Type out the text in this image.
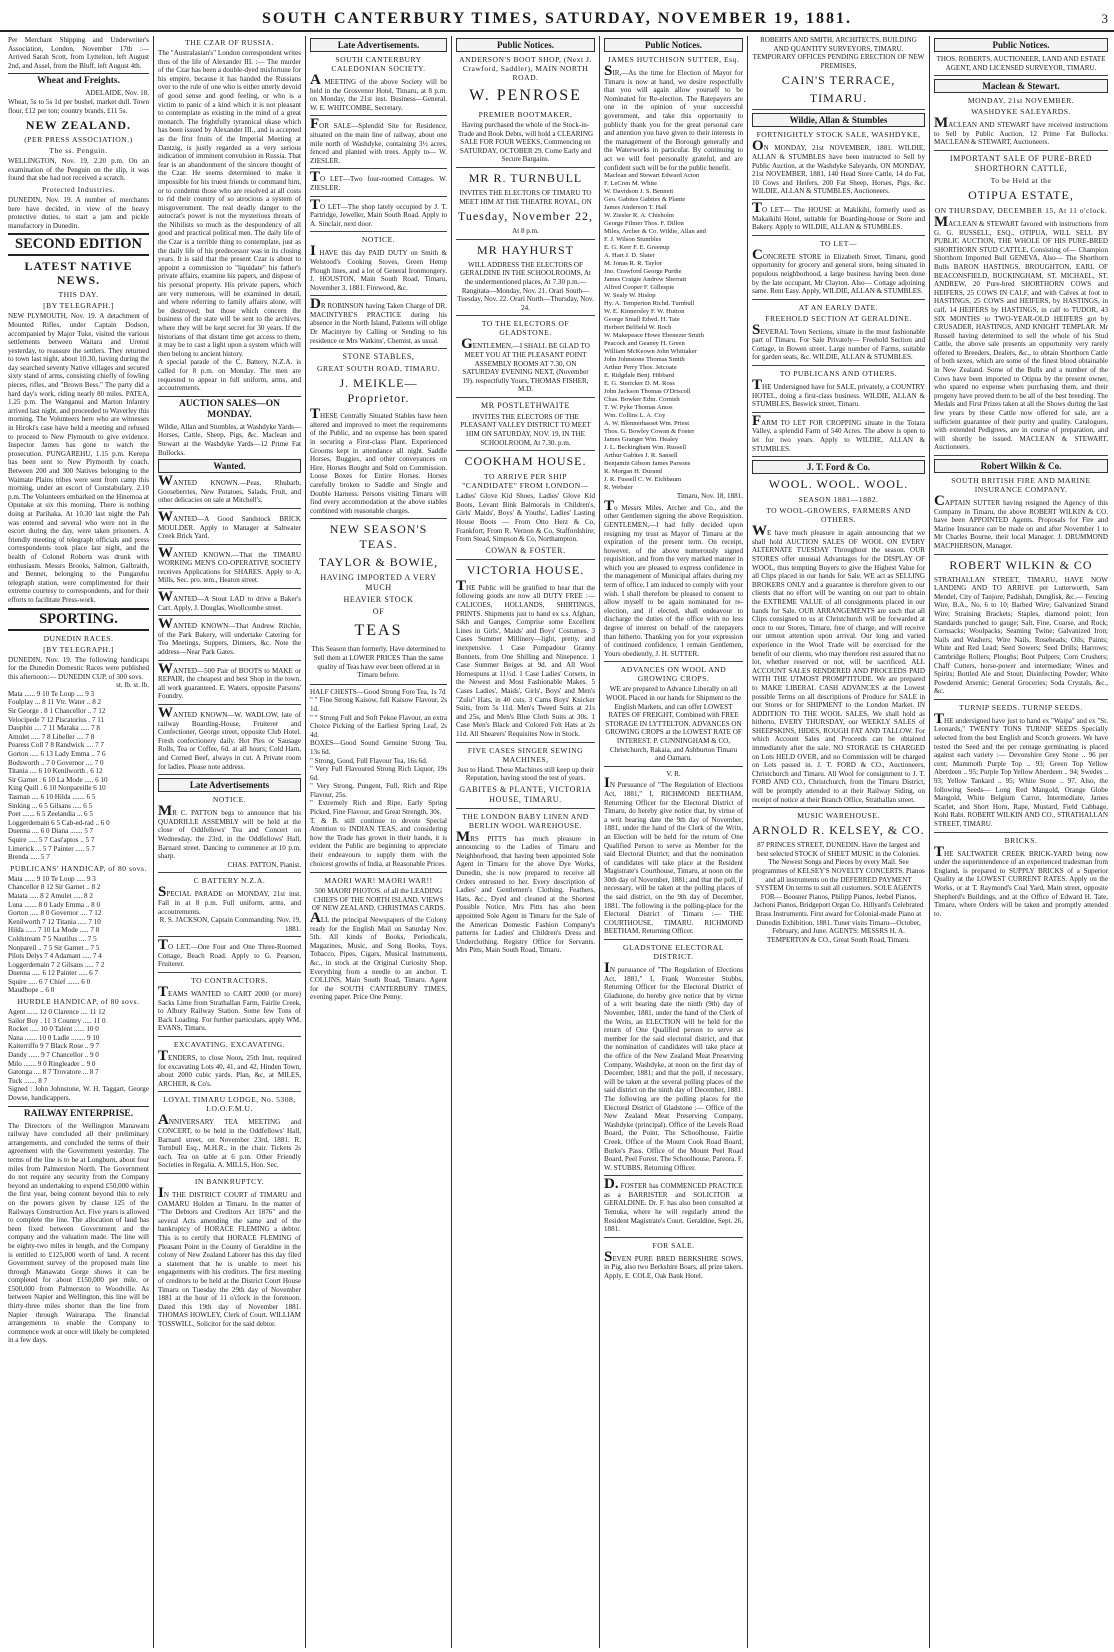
SOUTH CANTERBURY TIMES, SATURDAY, NOVEMBER 19, 1881.	3

Per Merchant Shipping and Underwriter's Association, London, November 17th :— Arrived Sarah Scott, from Lyttelton, left August 2nd, and Assel, from the Bluff, left August 4th.

Wheat and Freights.
ADELAIDE, Nov. 18.

Wheat, 5s to 5s 1d per bushel, market dull. Town flour, £12 per ton; country brands, £11 5s.

NEW ZEALAND.
(PER PRESS ASSOCIATION.)
The ss. Penguin.

WELLINGTON, Nov. 19, 2.20 p.m. On an examination of the Penguin on the slip, it was found that she had not received a scratch.

Protected Industries.

DUNEDIN, Nov. 19. A number of merchants here have decided, in view of the heavy protective duties, to start a jam and pickle manufactory in Dunedin.

SECOND EDITION
LATEST NATIVE NEWS.
THIS DAY.
[BY TELEGRAPH.]

NEW PLYMOUTH, Nov. 19. A detachment of Mounted Rifles, under Captain Dodson, accompanied by Major Tuke, visited the various settlements between Waitara and Urenui yesterday, to reassure the settlers. They returned to town last night, about 10.30, having during the day searched seventy Native villages and secured sixty stand of arms, consisting chiefly of fowling pieces, rifles, and "Brown Bess." The party did a hard day's work, riding nearly 80 miles. PATEA, 1.25 p.m. The Wanganui and Marton Infantry arrived last night, and proceeded to Waverley this morning. The Volunteers here who are witnesses in Hiroki's case have held a meeting and refused to proceed to New Plymouth to give evidence. Inspector James has gone to watch the prosecution. PUNGAREHU, 1.15 p.m. Kerepa has been sent to New Plymouth by coach. Between 200 and 300 Natives belonging to the Waimate Plains tribes were sent from camp this morning, under an escort of Constabulary. 2.10 p.m. The Volunteers embarked on the Hinemoa at Opunake at six this morning. There is nothing doing at Parihaka. At 10.30 last night the Pah was entered and several who were not in the escort during the day, were taken prisoners. A friendly meeting of telegraph officials and press correspondents took place last night, and the health of Colonel Roberts was drunk with enthusiasm. Messrs Brooks, Salmon, Galbraith, and Bennet, belonging to the Pungarehu telegraph station, were complimented for their extreme courtesy to correspondents, and for their efforts to facilitate Press-work.

SPORTING.
DUNEDIN RACES.
[BY TELEGRAPH.]

DUNEDIN, Nov. 19. The following handicaps for the Dunedin Domestic Races were published this afternoon:— DUNEDIN CUP, of 300 sovs.

st. lb. st. lb.
Mata ...... 9 10 Te Loup .... 9 3
Foulplay ... 8 11 Vtr. Water .. 8 2
Sir George . 8 1 Chancellor .. 7 12
Velocipede 7 12 Piscatorius . 7 11
Dauphin .... 7 11 Maraka ..... 7 8
Amulet ..... 7 8 Libeller .... 7 8
Pearess Coll 7 8 Randwick .... 7 7
Gorton ..... 6 13 Lady Emma .. 7 6
Bodsworth .. 7 0 Governor .... 7 0
Titania .... 6 10 Kenilworth . 6 12
Sir Garnet . 6 10 La Mode ..... 6 10
King Quill . 6 10 Nonpareille 6 10
Tasman .... 6 10 Hilda ....... 6 5
Sinking ... 6 5 Gilsans ..... 6 5
Poet ....... 6 5 Zeelandia ... 6 5
Loggerdemain 6 5 Cab-ed-rad .. 6 0
Duenna .... 6 0 Diana ....... 5 7
Squire ..... 5 7 Cast'aptos .. 5 7
Limerick ... 5 7 Painter ..... 5 7
Brenda ..... 5 7
PUBLICANS' HANDICAP, of 80 sovs.
Mata ...... 9 10 Te Loup ..... 9 3
Chancellor 8 12 Sir Garnet .. 8 2
Matata ..... 8 2 Amulet ..... 8 2
Luna ....... 8 0 Lady Emma .. 8 0
Gorton ..... 8 0 Governor .... 7 12
Kenilworth 7 12 Titania ..... 7 10
Hilda ...... 7 10 La Mode ..... 7 8
Coldstream 7 5 Nautilus .... 7 5
Nonpareil .. 7 5 Sir Garnet .. 7 5
Pilots Delys 7 4 Adamant ..... 7 4
Loggerdemain 7 2 Gilsans ..... 7 2
Duenna ..... 6 12 Painter ..... 6 7
Squire ..... 6 7 Chief ....... 6 0
Maudhope .. 6 0
HURDLE HANDICAP, of 80 sovs.
Agent ...... 12 0 Clarence .... 11 12
Sailor Boy . 11 3 Country ..... 11 0
Rocket ..... 10 0 Talent ...... 10 0
Nana ....... 10 0 Ladle ........ 9 10
Kaiterriffo 9 7 Black Rose .. 9 7
Dandy ...... 9 7 Chancellor .. 9 0
Milo ....... 9 0 Ringleader .. 9 0
Gatonga .... 8 7 Trovatore ... 8 7
Tuck ....... 8 7

Signed : John Johnstone, W. H. Taggart, George Dowse, handicappers.

RAILWAY ENTERPRISE.

The Directors of the Wellington Manawatu railway have concluded all their preliminary arrangements, and concluded the terms of their agreement with the Government yesterday. The terms of the line is to be at Longburn, about four miles from Palmerston North. The Government do not require any security from the Company beyond an undertaking to expend £50,000 within the first year, being content beyond this to rely on the powers given by clause 125 of the Railways Construction Act. Five years is allowed to complete the line. The allocation of land has been fixed between Government and the company and the valuation made. The line will be eighty-two miles in length, and the Company is entitled to £125,000 worth of land. A recent Government survey of the proposed main line through Manawatu Gorge shows it can be completed for about £150,000 per mile, or £500,000 from Palmerston to Woodville. As between Napier and Wellington, this line will be thirty-three miles shorter than the line from Napier through Wairarapa. The financial arrangements to enable the Company to commence work at once will likely be completed in a few days.

THE CZAR OF RUSSIA.

The "Australasian's" London correspondent writes thus of the life of Alexander III. :— The murder of the Czar has been a double-dyed misfortune for his empire, because it has handed the Russians over to the rule of one who is either utterly devoid of good sense and good feeling, or who is a victim to panic of a kind which it is not pleasant to contemplate as existing in the mind of a great monarch. The frightfully tyrannical ukase which has been issued by Alexander III., and is accepted as the first fruits of the Imperial Meeting at Dantzig, is justly regarded as a very serious indication of imminent convulsion in Russia. That fear is an abandonment of the sincere thought of the Czar. He seems determined to make it impossible for his truest friends to command him, or to condemn those who are resolved at all costs to rid their country of so atrocious a system of misgovernment. The real deadly danger to the autocrat's power is not the mysterious threats of the Nihilists so much as the despondency of all good and practical political men. The daily life of the Czar is a terrible thing to contemplate, just as the daily life of his predecessor was in its closing years. It is said that the present Czar is about to appoint a commission to "liquidate" his father's private affairs, examine his papers, and dispose of his personal property. His private papers, which are very numerous, will be examined in detail, and where referring to family affairs alone, will be destroyed; but those which concern the business of the state will be sent to the archives, where they will be kept secret for 30 years. If the historians of that distant time get access to them, it may be to cast a light upon a system which will then belong to ancient history.

A special parade of the C. Battery, N.Z.A. is called for 8 p.m. on Monday. The men are requested to appear in full uniform, arms, and accoutrements.

AUCTION SALES—ON MONDAY.

Wildie, Allan and Stumbles, at Washdyke Yards—Horses, Cattle, Sheep, Pigs, &c. Maclean and Stewart at the Washdyke Yards—12 Prime Fat Bullocks.

Wanted.
WANTED KNOWN.—Peas, Rhubarb, Gooseberries, New Potatoes, Salads, Fruit, and other delicacies on sale at Mitchell's.
WANTED—A Good Sandstock BRICK MOULDER. Apply to Manager at Saltwater Creek Brick Yard.
WANTED KNOWN.—That the TIMARU WORKING MEN'S CO-OPERATIVE SOCIETY receives Applications for SHARES. Apply to A. Mills, Sec. pro. tem., Heaton street.
WANTED—A Stout LAD to drive a Baker's Cart. Apply, J. Douglas, Woollcombe street.
WANTED KNOWN—That Andrew Ritchie, of the Park Bakery, will undertake Catering for Tea Meetings, Suppers, Dinners, &c. Note the address—Near Park Gates.
WANTED—500 Pair of BOOTS to MAKE or REPAIR, the cheapest and best Shop in the town, all work guaranteed. E. Waters, opposite Parsons' Foundry.
WANTED KNOWN—W. WADLOW, late of railway Boarding-House, Fruiterer and Confectioner, George street, opposite Club Hotel. Fresh confectionery daily. Hot Pies or Sausage Rolls, Tea or Coffee, 6d. at all hours; Cold Ham, and Corned Beef, always in cut. A Private room for ladies. Please note address.
Late Advertisements
NOTICE.

MR C. PATTON begs to announce that his QUADRILLE ASSEMBLY will be held at the close of Oddfellows' Tea and Concert on Wednesday, the 23rd, in the Oddfellows' Hall, Barnard street. Dancing to commence at 10 p.m. sharp.

CHAS. PATTON, Pianist.
C BATTERY N.Z.A.

SPECIAL PARADE on MONDAY, 21st inst. Fall in at 8 p.m. Full uniform, arms, and accoutrements.

R. S. JACKSON, Captain Commanding. Nov. 19, 1881.

TO LET.—One Four and One Three-Roomed Cottage, Beach Road. Apply to G. Pearson, Fruiterer.

TO CONTRACTORS.

TEAMS WANTED to CART 2000 (or more) Sacks Lime from Strathallan Farm, Fairlie Creek, to Albury Railway Station. Some few Tons of Back Loading. For further particulars, apply WM. EVANS, Timaru.

EXCAVATING. EXCAVATING.

TENDERS, to close Noon, 25th Inst, required for excavating Lots 40, 41, and 42, Hinden Town, about 2000 cubic yards. Plan, &c, at MILES, ARCHER, & Co's.

LOYAL TIMARU LODGE, No. 5308, I.O.O.F.M.U.

ANNIVERSARY TEA MEETING and CONCERT, to be held in the Oddfellows' Hall, Barnard street, on November 23rd, 1881. R. Turnbull Esq., M.H.R., in the chair. Tickets 2s each. Tea on table at 6 p.m. Other Friendly Societies in Regalia. A. MILLS, Hon. Sec.

IN BANKRUPTCY.

IN THE DISTRICT COURT of TIMARU and OAMARU Holden at Timaru. In the matter of "The Debtors and Creditors Act 1876" and the several Acts amending the same and of the bankruptcy of HORACE FLEMING a debtor. This is to certify that HORACE FLEMING of Pleasant Point in the County of Geraldine in the colony of New Zealand Laborer has this day filed a statement that he is unable to meet his engagements with his creditors. The first meeting of creditors to be held at the District Court House Timaru on Tuesday the 29th day of November 1881 at the hour of 11 o'clock in the forenoon. Dated this 19th day of November 1881. THOMAS HOWLEY, Clerk of Court. WILLIAM TOSSWILL, Solicitor for the said debtor.

Late Advertisements.
SOUTH CANTERBURY CALEDONIAN SOCIETY.

A MEETING of the above Society will be held in the Grosvenor Hotel, Timaru, at 8 p.m. on Monday, the 21st inst. Business—General. W. E. WHITCOMBE, Secretary.

FOR SALE—Splendid Site for Residence, situated on the main line of railway, about one mile north of Washdyke, containing 3½ acres, fenced and planted with trees. Apply to— W. ZIESLER.

TO LET—Two four-roomed Cottages. W. ZIESLER.

TO LET—The shop lately occupied by J. T. Partridge, Jeweller, Main South Road. Apply to A. Sinclair, next door.

NOTICE.

I HAVE this day PAID DUTY on Smith & Welstood's Cooking Stoves, Green Hemp Plough lines, and a lot of General Ironmongery. J. HOUSTON, Main South Road, Timaru, November 3, 1881. Firewood, &c.

DR ROBINSON having Taken Charge of DR. MACINTYRE'S PRACTICE during his absence in the North Island, Patients will oblige Dr Macintyre by Calling or Sending to his residence or Mrs Watkins', Chemist, as usual.

STONE STABLES,
GREAT SOUTH ROAD, TIMARU.
J. MEIKLE—Proprietor.

THESE Centrally Situated Stables have been altered and improved to meet the requirements of the Public, and no expense has been spared in securing a First-class Plant. Experienced Grooms kept in attendance all night. Saddle Horses, Buggies, and other conveyances on Hire. Horses Bought and Sold on Commission. Loose Boxes for Entire Horses. Horses carefully broken to Saddle and Single and Double Harness. Persons visiting Timaru will find every accommodation at the above stables combined with reasonable charges.

NEW SEASON'S TEAS.
TAYLOR & BOWIE,
HAVING IMPORTED A VERY MUCH
HEAVIER STOCK
OF
TEAS

This Season than formerly, Have determined to Sell them at LOWER PRICES Than the same quality of Teas have ever been offered at in Timaru before.

HALF CHESTS—Good Strong Fore Tea, 1s 7d
" " Fine Strong Kaisow, full Kaisow Flavour, 2s 1d.
" " Strong Full and Soft Pekoe Flavour, an extra Choice Picking of the Earliest Spring Leaf, 2s 4d.
BOXES—Good Sound Genuine Strong Tea, 13s 6d.
" Strong, Good, Full Flavour Tea, 16s 6d.
" Very Full Flavoured Strong Rich Liquor, 19s 6d.
" Very Strong, Pungent, Full, Rich and Ripe Flavour, 25s.
" Extremely Rich and Ripe, Early Spring Picked, Fine Flavour, and Great Strength, 30s.

T. & B. still continue to devote Special Attention to INDIAN TEAS, and considering how the Trade has grown in their hands, it is evident the Public are beginning to appreciate their endeavours to supply them with the choicest growths of India, at Reasonable Prices.

MAORI WAR! MAORI WAR!!

500 MAORI PHOTOS. of all the LEADING CHIEFS OF THE NORTH ISLAND. VIEWS OF NEW ZEALAND. CHRISTMAS CARDS.

ALL the principal Newspapers of the Colony ready for the English Mail on Saturday Nov. 5th. All kinds of Books, Periodicals, Magazines, Music, and Song Books, Toys, Tobacco, Pipes, Cigars, Musical Instruments, &c., in stock at the Original Curiosity Shop. Everything from a needle to an anchor. T. COLLINS, Main South Road, Timaru. Agent for the SOUTH CANTERBURY TIMES, evening paper. Price One Penny.

Public Notices.
ANDERSON'S BOOT SHOP, (Next J. Crawford, Saddler), MAIN NORTH ROAD.
W. PENROSE
PREMIER BOOTMAKER,

Having purchased the whole of the Stock-in-Trade and Book Debts, will hold a CLEARING SALE FOR FOUR WEEKS, Commencing on SATURDAY, OCTOBER 29. Come Early and Secure Bargains.

MR R. TURNBULL

INVITES THE ELECTORS OF TIMARU TO MEET HIM AT THE THEATRE ROYAL, ON

Tuesday, November 22,
At 8 p.m.
MR HAYHURST

WILL ADDRESS THE ELECTORS OF GERALDINE IN THE SCHOOLROOMS, At the undermentioned places, At 7.30 p.m.— Rangitata—Monday, Nov. 21. Orari South—Tuesday, Nov. 22. Orari North—Thursday, Nov. 24.

TO THE ELECTORS OF GLADSTONE.

GENTLEMEN,—I SHALL BE GLAD TO MEET YOU AT THE PLEASANT POINT ASSEMBLY ROOMS AT 7.30, ON SATURDAY EVENING NEXT, (November 19). respectfully Yours, THOMAS FISHER, M.D.

MR POSTLETHWAITE

INVITES THE ELECTORS OF THE PLEASANT VALLEY DISTRICT TO MEET HIM ON SATURDAY, NOV. 19, IN THE SCHOOLROOM, At 7.30. p.m.

COOKHAM HOUSE.
TO ARRIVE PER SHIP "CANDIDATE" FROM LONDON—

Ladies' Glove Kid Shoes, Ladies' Glove Kid Boots, Levant Bink Balmorals in Children's, Girls' Maids', Boys' & Youths', Ladies' Lasting House Boots — From Otto Herz & Co, Frankfort; From R. Vernon & Co, Staffordshire; From Stead, Simpson & Co, Northampton.

COWAN & FOSTER.
VICTORIA HOUSE.

THE Public will be gratified to hear that the following goods are now all DUTY FREE :— CALICOES, HOLLANDS, SHIRTINGS, PRINTS. Shipments just to hand ex s.s. Afghan, Sikh and Ganges, Comprise some Excellent Lines in Girls', Maids' and Boys' Costumes. 3 Cases Summer Millinery—light, pretty, and inexpensive. 1 Case Pompadour Granny Bonnets, from One Shilling and Ninepence. 1 Case Summer Beiges at 9d. and All Wool Homespuns at 11½d. 1 Case Ladies' Corsets, in the Newest and Most Fashionable Makes. 5 Cases Ladies', Maids', Girls', Boys' and Men's "Zulu" Hats, in 40 cuts. 3 Cams Boys' Knicker Suits, from 5s 11d. Men's Tweed Suits at 21s and 25s, and Men's Blue Cloth Suits at 30s. 1 Case Men's Black and Colored Felt Hats at 2s 11d. All Shearers' Requisites Now in Stock.

FIVE CASES SINGER SEWING MACHINES,

Just to Hand. These Machines still keep up their Reputation, having stood the test of years.

GABITES & PLANTE, VICTORIA HOUSE, TIMARU.
THE LONDON BABY LINEN AND BERLIN WOOL WAREHOUSE.

MRS PITTS has much pleasure in announcing to the Ladies of Timaru and Neighborhood, that having been appointed Sole Agent in Timaru for the above Dye Works, Dunedin, she is now prepared to receive all Orders entrusted to her. Every description of Ladies' and Gentlemen's Clothing, Feathers, Hats, &c., Dyed and cleaned at the Shortest Possible Notice. Mrs Pitts has also been appointed Sole Agent in Timaru for the Sale of the American Domestic Fashion Company's patterns for Ladies' and Children's Dress and Underclothing. Registry Office for Servants. Mrs Pitts, Main South Road, Timaru.

Public Notices.
JAMES HUTCHISON SUTTER, Esq.

SIR,—As the time for Election of Mayor for Timaru is now at hand, we desire respectfully that you will again allow yourself to be Nominated for Re-election. The Ratepayers are one in the opinion of your successful government, and take this opportunity to publicly thank you for the great personal care and attention you have given to their interests in the management of the Borough generally and the Waterworks in particular. By continuing to act we will feel personally grateful, and are confident such will be for the public benefit.

Maclean and Stewart Edward Acton
F. LeCren M. White
W. Davidson J. S. Bennett
Geo. Gabites Gabites & Plante
James Anderson T. Hall
W. Ziesler R. A. Chisholm
George Filmer Thos. F. Dillon
Miles, Archer & Co. Wildie, Allan and
F. J. Wilson Stumbles
E. G. Kerr F. E. Greenup
A. Hart J. D. Slater
M. Jonas R. R. Taylor
Jno. Crawford George Purdie
James Craigie Andrew Sherratt
Alfred Cooper F. Gillespie
W. Sealy W. Hislop
Hy. A. Temperton Richd. Turnbull
W. E. Kinnersley F. W. Hutton
George Small Edwd. H. Tate
Herbert Belfield W. Roch
W. Makepeace Howe Ebenezer Smith
Peacock and Geaney H. Green
William McKeown John Whittaker
John Johnstone Thomas Smith
Arthur Perry Thos. Jetcoate
E. Ridgdale Benj. Hibbard
E. G. Stericker D. M. Ross
John Jackson Thomas O'Driscoll
Chas. Bowker Edm. Cornish
T. W. Pyke Thomas Amos
Wm. Collins L. A. Coy
A. W. Blennerhasset Wm. Priest
Thos. G. Bowley Cowan & Foster
James Granger Wm. Healey
J. L. Beckingham Wm. Russell
Arthur Gabites J. R. Sansell
Benjamin Gibson James Parsons
R. Morgan H. Durand
J. R. Fussell C. W. Eichbaum
R. Webster
Timaru, Nov. 18, 1881.

To Messrs Miles, Archer and Co., and the other Gentlemen signing the above Requisition. GENTLEMEN,—I had fully decided upon resigning my trust as Mayor of Timaru at the expiration of the present term. On receipt, however, of the above numerously signed requisition, and from the very marked manner in which you are pleased to express confidence in the management of Municipal affairs during my term of office, I am induced to comply with your wish. I shall therefore be pleased to consent to allow myself to be again nominated for re-election, and if elected, shall endeavour to discharge the duties of the office with no less degree of interest on behalf of the ratepayers than hitherto. Thanking you for your expression of continued confidence, I remain Gentlemen, Yours obediently, J. H. SUTTER.

ADVANCES ON WOOL AND GROWING CROPS.

WE are prepared to Advance Liberally on all WOOL Placed in our hands for Shipment to the English Markets, and can offer LOWEST RATES OF FREIGHT, Combined with FREE STORAGE IN LYTTELTON. ADVANCES ON GROWING CROPS at the LOWEST RATE OF INTEREST. P. CUNNINGHAM & CO, Christchurch, Rakaia, and Ashburton Timaru and Oamaru.

V. R.

IN Pursuance of "The Regulation of Elections Act, 1881," I, RICHMOND BEETHAM, Returning Officer for the Electoral District of Timaru, do hereby give notice that, by virtue of a writ bearing date the 9th day of November, 1881, under the hand of the Clerk of the Writs, an Election will be held for the return of One Qualified Person to serve as Member for the said Electoral District; and that the nomination of candidates will take place at the Resident Magistrate's Courthouse, Timaru, at noon on the 30th day of November, 1881; and that the poll, if necessary, will be taken at the polling places of the said district, on the 9th day of December, 1881. The following is the polling-place for the Electoral District of Timaru :— THE COURTHOUSE, TIMARU. RICHMOND BEETHAM, Returning Officer.

GLADSTONE ELECTORAL DISTRICT.

IN pursuance of "The Regulation of Elections Act, 1881," I, Frank Worcester Stubbs, Returning Officer for the Electoral District of Gladstone, do hereby give notice that by virtue of a writ bearing date the ninth (9th) day of November, 1881, under the hand of the Clerk of the Writs, an ELECTION will be held for the return of One Qualified person to serve as member for the said electoral district, and that the nomination of candidates will take place at the office of the New Zealand Meat Preserving Company, Washdyke, at noon on the first day of December, 1881; and that the poll, if necessary, will be taken at the several polling places of the said district on the ninth day of December, 1881. The following are the polling places for the Electoral District of Gladstone :— Office of the New Zealand Meat Preserving Company, Washdyke (principal). Office of the Levels Road Board, the Point. The Schoolhouse, Fairlie Creek. Office of the Mount Cook Road Board, Burke's Pass. Office of the Mount Peel Road Board, Peel Forest. The Schoolhouse, Pareora. F. W. STUBBS, Returning Officer.

D. FOSTER has COMMENCED PRACTICE as a BARRISTER and SOLICITOR at GERALDINE. Dr. F. has also been consulted at Temuka, where he will regularly attend the Resident Magistrate's Court. Geraldine, Sept. 26, 1881.

FOR SALE.

SEVEN PURE BRED BERKSHIRE SOWS, in Pig, also two Berkshire Boars, all prize takers. Apply, E. COLE, Oak Bank Hotel.

ROBERTS AND SMITH, ARCHITECTS, BUILDING AND QUANTITY SURVEYORS, TIMARU.

TEMPORARY OFFICES PENDING ERECTION OF NEW PREMISES,

CAIN'S TERRACE,
TIMARU.
Wildie, Allan & Stumbles
FORTNIGHTLY STOCK SALE, WASHDYKE,

ON MONDAY, 21st NOVEMBER, 1881. WILDIE, ALLAN & STUMBLES have been instructed to Sell by Public Auction, at the Washdyke Saleyards, ON MONDAY, 21st NOVEMBER, 1881, 140 Head Store Cattle, 14 do Fat, 10 Cows and Heifers, 200 Fat Sheep, Horses, Pigs, &c. WILDIE, ALLAN & STUMBLES, Auctioneers.

TO LET— The HOUSE at Makikihi, formerly used as Makaikihi Hotel, suitable for Boarding-house or Store and Bakery. Apply to WILDIE, ALLAN & STUMBLES.

TO LET—

CONCRETE STORE in Elizabeth Street, Timaru, good opportunity for grocery and general store, being situated in populous neighborhood, a large business having been done by the late occupant, Mr Clayton. Also— Cottage adjoining same. Rent Easy. Apply, WILDIE, ALLAN & STUMBLES.

AT AN EARLY DATE.
FREEHOLD SECTION AT GERALDINE.

SEVERAL Town Sections, situate in the most fashionable part of Timaru. For Sale Privately— Freehold Section and Cottage, in Bowen street. Large number of Farms, suitable for garden seats, &c. WILDIE, ALLAN & STUMBLES.

TO PUBLICANS AND OTHERS.

THE Undersigned have for SALE, privately, a COUNTRY HOTEL, doing a first-class business. WILDIE, ALLAN & STUMBLES, Beswick street, Timaru.

FARM TO LET FOR CROPPING situate in the Totara Valley, a splendid Farm of 540 Acres. The above is open to let for two years. Apply to WILDIE, ALLAN & STUMBLES.

J. T. Ford & Co.
WOOL. WOOL. WOOL.
SEASON 1881—1882.
TO WOOL-GROWERS, FARMERS AND OTHERS.

WE have much pleasure in again announcing that we shall hold AUCTION SALES OF WOOL ON EVERY ALTERNATE TUESDAY Throughout the season. OUR STORES offer unusual Advantages for the DISPLAY OF WOOL, thus tempting Buyers to give the Highest Value for all Clips placed in our hands for Sale. WE act as SELLING BROKERS ONLY and a guarantee is therefore given to our clients that no effort will be wanting on our part to obtain the EXTREME VALUE of all consignments placed in our hands for Sale. OUR ARRANGEMENTS are such that all Clips consigned to us at Christchurch will be forwarded at once to our Stores, Timaru, free of charge, and will receive our utmost attention upon arrival. Our long and varied experience in the Wool Trade will be exercised for the benefit of our clients, who may therefore rest assured that no lot, whether reserved or not, will be sacrificed. ALL ACCOUNT SALES RENDERED AND PROCEEDS PAID WITH THE UTMOST PROMPTITUDE. We are prepared to MAKE LIBERAL CASH ADVANCES at the Lowest possible Terms on all descriptions of Produce for SALE in our Stores or for SHIPMENT to the London Market. IN ADDITION TO THE WOOL SALES, We shall hold as hitherto, EVERY THURSDAY, our WEEKLY SALES of SHEEPSKINS, HIDES, ROUGH FAT AND TALLOW. For which Account Sales and Proceeds can be obtained immediately after the sale. NO STORAGE IS CHARGED on Lots HELD OVER, and no Commission will be charged on Lots passed in. J. T. FORD & CO., Auctioneers, Christchurch and Timaru. All Wool for consignment to J. T. FORD AND CO., Christchurch, from the Timaru District, will be promptly attended to at their Railway Siding, on receipt of notice at their Branch Office, Strathallan street.

MUSIC WAREHOUSE.
ARNOLD R. KELSEY, & CO.

87 PRINCES STREET, DUNEDIN. Have the largest and best selected STOCK of SHEET MUSIC in the Colonies. The Newest Songs and Pieces by every Mail. See programmes of KELSEY'S NOVELTY CONCERTS. Pianos and all instruments on the DEFERRED PAYMENT SYSTEM On terms to suit all customers. SOLE AGENTS FOR— Boosner Pianos, Philipp Pianos, Jeebel Pianos, Jachoni Pianos, Bridgeport Organ Co. Hillyard's Celebrated Brass Instruments. First award for Colonial-made Piano at Dunedin Exhibition, 1881. Tuner visits Timaru—October, February, and June. AGENTS: MESSRS H. A. TEMPERTON & CO., Great South Road, Timaru.

Public Notices.

THOS. ROBERTS, AUCTIONEER, LAND AND ESTATE AGENT, AND LICENSED SURVEYOR, TIMARU.

Maclean & Stewart.
MONDAY, 21st NOVEMBER.
WASHDYKE SALEYARDS.

MACLEAN AND STEWART have received instructions to Sell by Public Auction, 12 Prime Fat Bullocks. MACLEAN & STEWART, Auctioneers.

IMPORTANT SALE OF PURE-BRED SHORTHORN CATTLE,
To be Held at the
OTIPUA ESTATE,
ON THURSDAY, DECEMBER 15, At 11 o'clock.

MACLEAN & STEWART favored with instructions from G. G. RUSSELL, ESQ., OTIPUA, WILL SELL BY PUBLIC AUCTION, THE WHOLE OF HIS PURE-BRED SHORTHORN STUD CATTLE, Consisting of— Champion Shorthorn Imported Bull GENEVA, Also— The Shorthorn Bulls BARON HASTINGS, BROUGHTON, EARL OF BEACONSFIELD, BUCKINGHAM, ST. MICHAEL, ST. ANDREW, 20 Pure-bred SHORTHORN COWS and HEIFERS, 25 COWS IN CALF, and with Calves at foot to HASTINGS, 25 COWS and HEIFERS, by HASTINGS, in calf, 14 HEIFERS by HASTINGS, in calf to TUDOR, 43 SIX MONTHS to TWO-YEAR-OLD HEIFERS got by CRUSADER, HASTINGS, AND KNIGHT TEMPLAR. Mr Russell having determined to sell the whole of his Stud Cattle, the above sale presents an opportunity very rarely offered to Breeders, Dealers, &c., to obtain Shorthorn Cattle of both sexes, which are some of the finest blood obtainable in New Zealand. Some of the Bulls and a number of the Cows have been imported to Otipua by the present owner, who spared no expense when purchasing them, and their progeny have proved them to be all of the best breeding. The Medals and First Prizes taken at all the Shows during the last few years by these Cattle now offered for sale, are a sufficient guarantee of their purity and quality. Catalogues, with extended Pedigrees, are in course of preparation, and will shortly be issued. MACLEAN & STEWART, Auctioneers.

Robert Wilkin & Co.
SOUTH BRITISH FIRE AND MARINE INSURANCE COMPANY.

CAPTAIN SUTTER having resigned the Agency of this Company in Timaru, the above ROBERT WILKIN & CO. have been APPOINTED Agents. Proposals for Fire and Marine Insurance can be made on and after November 1 to Mr Charles Bourne, their local Manager. J. DRUMMOND MACPHERSON, Manager.

ROBERT WILKIN & CO

STRATHALLAN STREET, TIMARU, HAVE NOW LANDING AND TO ARRIVE per Lutterworth, Sam Mendel, City of Tanjore, Padishah, Dunglisk, &c.— Fencing Wire, B.A., No. 6 to 10; Barbed Wire; Galvanized Strand Wire; Straining Brackets; Staples, diamond point; Iron Standards punched to gauge; Salt, Fine, Coarse, and Rock; Cornsacks; Woolpacks; Seaming Twine; Galvanized Iron; Nails and Washers; Wire Nails, Roseheads; Oils; Paints; White and Red Lead; Seed Sowers; Seed Drills; Harrows; Cambridge Rollers; Ploughs; Boot Pulpers; Corn Crushers; Chaff Cutters, horse-power and intermediate; Wines and Spirits; Bottled Ale and Stout; Disinfecting Powder; White Powdered Arsenic; General Groceries; Soda Crystals, &c., &c.

TURNIP SEEDS. TURNIP SEEDS.

THE undersigned have just to hand ex "Waipa" and ex "St. Leonards," TWENTY TONS TURNIP SEEDS Specially selected from the best English and Scotch growers. We have tested the Seed and the per centage germinating is placed against each variety :— Devonshire Grey Stone .. 96 per cent; Mammoth Purple Top .. 93; Green Top Yellow Aberdeen .. 95; Purple Top Yellow Aberdeen .. 94; Swedes .. 93; Yellow Tankard .. 95; White Stone .. 97. Also, the following Seeds— Long Red Mangold, Orange Globe Mangold, White Belgium Carrot, Intermediate, James Scarlet, and Short Horn, Rape, Mustard, Field Cabbage, Kohl Rabi. ROBERT WILKIN AND CO., STRATHALLAN STREET, TIMARU.

BRICKS.

THE SALTWATER CREEK BRICK-YARD being now under the superintendence of an experienced tradesman from England, is prepared to SUPPLY BRICKS of a Superior Quality at the LOWEST CURRENT RATES. Apply on the Works, or at T. Raymond's Coal Yard, Main street, opposite Shepherd's Buildings, and at the Office of Edward H. Tate, Timaru, where Orders will be taken and promptly attended to.
